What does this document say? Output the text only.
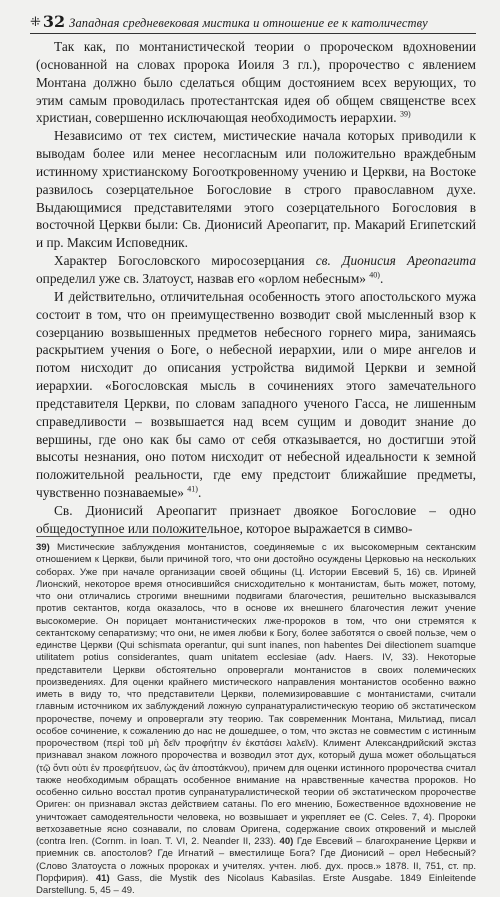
⁜ 32 Западная средневековая мистика и отношение ее к католичеству

Так как, по монтанистической теории о пророческом вдохновении (основанной на словах пророка Иоиля 3 гл.), пророчество с явлением Монтана должно было сделаться общим достоянием всех верующих, то этим самым проводилась протестантская идея об общем священстве всех христиан, совершенно исключающая необходимость иерархии. $^{39)}$

Независимо от тех систем, мистические начала которых приводили к выводам более или менее несогласным или положительно враждебным истинному христианскому Богооткровенному учению и Церкви, на Востоке развилось созерцательное Богословие в строго православном духе. Выдающимися представителями этого созерцательного Богословия в восточной Церкви были: Св. Дионисий Ареопагит, пр. Макарий Египетский и пр. Максим Исповедник.

Характер Богословского миросозерцания св. Дионисия Ареопагита определил уже св. Златоуст, назвав его «орлом небесным» $^{40)}$.

И действительно, отличительная особенность этого апостольского мужа состоит в том, что он преимущественно возводит свой мысленный взор к созерцанию возвышенных предметов небесного горнего мира, занимаясь раскрытием учения о Боге, о небесной иерархии, или о мире ангелов и потом нисходит до описания устройства видимой Церкви и земной иерархии. «Богословская мысль в сочинениях этого замечательного представителя Церкви, по словам западного ученого Гасса, не лишенным справедливости – возвышается над всем сущим и доводит знание до вершины, где оно как бы само от себя отказывается, но достигши этой высоты незнания, оно потом нисходит от небесной идеальности к земной положительной реальности, где ему предстоит ближайшие предметы, чувственно познаваемые» $^{41)}$.

Св. Дионисий Ареопагит признает двоякое Богословие – одно общедоступное или положительное, которое выражается в симво-

39) Мистические заблуждения монтанистов, соединяемые с их высокомерным сектанским отношением к Церкви, были причиной того, что они достойно осуждены Церковью на нескольких соборах. Уже при начале организации своей общины (Ц. Истории Евсевий 5, 16) св. Ириней Лионский, некоторое время относившийся снисходительно к монтанистам, быть может, потому, что они отличались строгими внешними подвигами благочестия, решительно высказывался против сектантов, когда оказалось, что в основе их внешнего благочестия лежит учение высокомерие. Он порицает монтанистических лже-пророков в том, что они стремятся к сектантскому сепаратизму; что они, не имея любви к Богу, более заботятся о своей пользе, чем о единстве Церкви (Qui schismata operantur, qui sunt inanes, non habentes Dei dilectionem suamque utilitatem potius considerantes, quam unitatem ecclesiae (adv. Haers. IV, 33). Некоторые представители Церкви обстоятельно опровергали монтанистов в своих полемических произведениях. Для оценки крайнего мистического направления монтанистов особенно важно иметь в виду то, что представители Церкви, полемизировавшие с монтанистами, считали главным источником их заблуждений ложную супранатуралистическую теорию об экстатическом пророчестве, почему и опровергали эту теорию. Так современник Монтана, Мильтиад, писал особое сочинение, к сожалению до нас не дошедшее, о том, что экстаз не совместим с истинным пророчеством (περὶ τοῦ μὴ δεῖν προφήτην ἐν ἐκστάσει λαλεῖν). Климент Александрийский экстаз признавал знаком ложного пророчества и возводил этот дух, который душа может обольщаться (τῷ ὄντι οὐτι ἐν προεφήτευον, ὡς ἂν ἀποστάκνου), причем для оценки истинного пророчества считал также необходимым обращать особенное внимание на нравственные качества пророков. Но особенно сильно восстал против супранатуралистической теории об экстатическом пророчестве Ориген: он признавал экстаз действием сатаны. По его мнению, Божественное вдохновение не уничтожает самодеятельности человека, но возвышает и укрепляет ее (С. Celes. 7, 4). Пророки ветхозаветные ясно сознавали, по словам Оригена, содержание своих откровений и мыслей (contra Iren. (Cornm. in Ioan. T. VI, 2. Neander II, 233). 40) Где Евсевий – благохранение Церкви и приемник св. апостолов? Где Игнатий – вместилище Бога? Где Дионисий – орел Небесный? (Слово Златоуста о ложных пророках и учителях. учтен. люб. дух. просв.» 1878. II, 751, ст. пр. Порфирия). 41) Gass, die Mystik des Nicolaus Kabasilas. Erste Ausgabe. 1849 Einleitende Darstellung. 5, 45 – 49.
